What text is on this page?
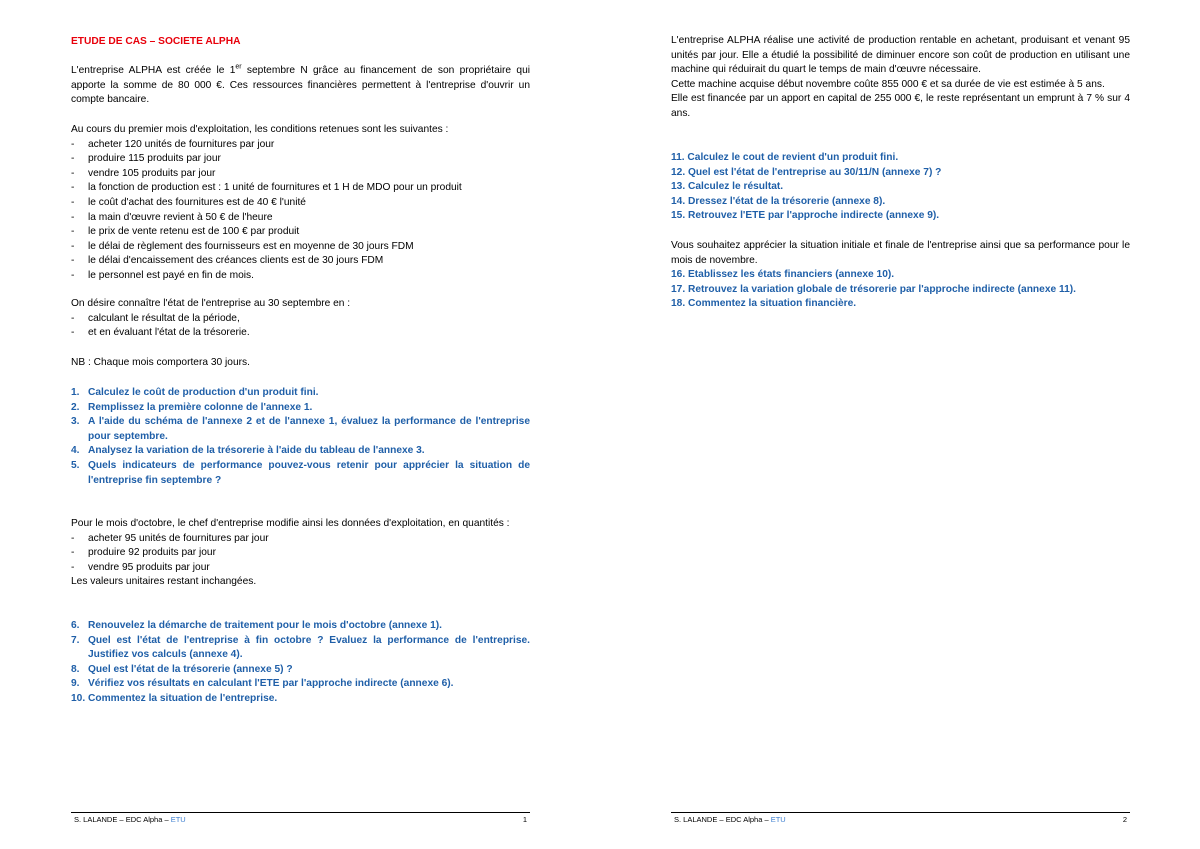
ETUDE DE CAS – SOCIETE ALPHA

L'entreprise ALPHA est créée le 1er septembre N grâce au financement de son propriétaire qui apporte la somme de 80 000 €. Ces ressources financières permettent à l'entreprise d'ouvrir un compte bancaire.

Au cours du premier mois d'exploitation, les conditions retenues sont les suivantes :

- acheter 120 unités de fournitures par jour
- produire 115 produits par jour
- vendre 105 produits par jour
- la fonction de production est : 1 unité de fournitures et 1 H de MDO pour un produit
- le coût d'achat des fournitures est de 40 € l'unité
- la main d'œuvre revient à 50 € de l'heure
- le prix de vente retenu est de 100 € par produit
- le délai de règlement des fournisseurs est en moyenne de 30 jours FDM
- le délai d'encaissement des créances clients est de 30 jours FDM
- le personnel est payé en fin de mois.

On désire connaître l'état de l'entreprise au 30 septembre en :

- calculant le résultat de la période,
- et en évaluant l'état de la trésorerie.

NB : Chaque mois comportera 30 jours.

1. Calculez le coût de production d'un produit fini.
2. Remplissez la première colonne de l'annexe 1.
3. A l'aide du schéma de l'annexe 2 et de l'annexe 1, évaluez la performance de l'entreprise pour septembre.
4. Analysez la variation de la trésorerie à l'aide du tableau de l'annexe 3.
5. Quels indicateurs de performance pouvez-vous retenir pour apprécier la situation de l'entreprise fin septembre ?

Pour le mois d'octobre, le chef d'entreprise modifie ainsi les données d'exploitation, en quantités :

- acheter 95 unités de fournitures par jour
- produire 92 produits par jour
- vendre 95 produits par jour

Les valeurs unitaires restant inchangées.

6. Renouvelez la démarche de traitement pour le mois d'octobre (annexe 1).
7. Quel est l'état de l'entreprise à fin octobre ? Evaluez la performance de l'entreprise. Justifiez vos calculs (annexe 4).
8. Quel est l'état de la trésorerie (annexe 5) ?
9. Vérifiez vos résultats en calculant l'ETE par l'approche indirecte (annexe 6).
10. Commentez la situation de l'entreprise.
S. LALANDE – EDC Alpha – ETU	1

L'entreprise ALPHA réalise une activité de production rentable en achetant, produisant et venant 95 unités par jour. Elle a étudié la possibilité de diminuer encore son coût de production en utilisant une machine qui réduirait du quart le temps de main d'œuvre nécessaire.

Cette machine acquise début novembre coûte 855 000 € et sa durée de vie est estimée à 5 ans.

Elle est financée par un apport en capital de 255 000 €, le reste représentant un emprunt à 7 % sur 4 ans.

11. Calculez le cout de revient d'un produit fini.

12. Quel est l'état de l'entreprise au 30/11/N (annexe 7) ?

13. Calculez le résultat.

14. Dressez l'état de la trésorerie (annexe 8).

15. Retrouvez l'ETE par l'approche indirecte (annexe 9).

Vous souhaitez apprécier la situation initiale et finale de l'entreprise ainsi que sa performance pour le mois de novembre.

16. Etablissez les états financiers (annexe 10).

17. Retrouvez la variation globale de trésorerie par l'approche indirecte (annexe 11).

18. Commentez la situation financière.

S. LALANDE – EDC Alpha – ETU	2
